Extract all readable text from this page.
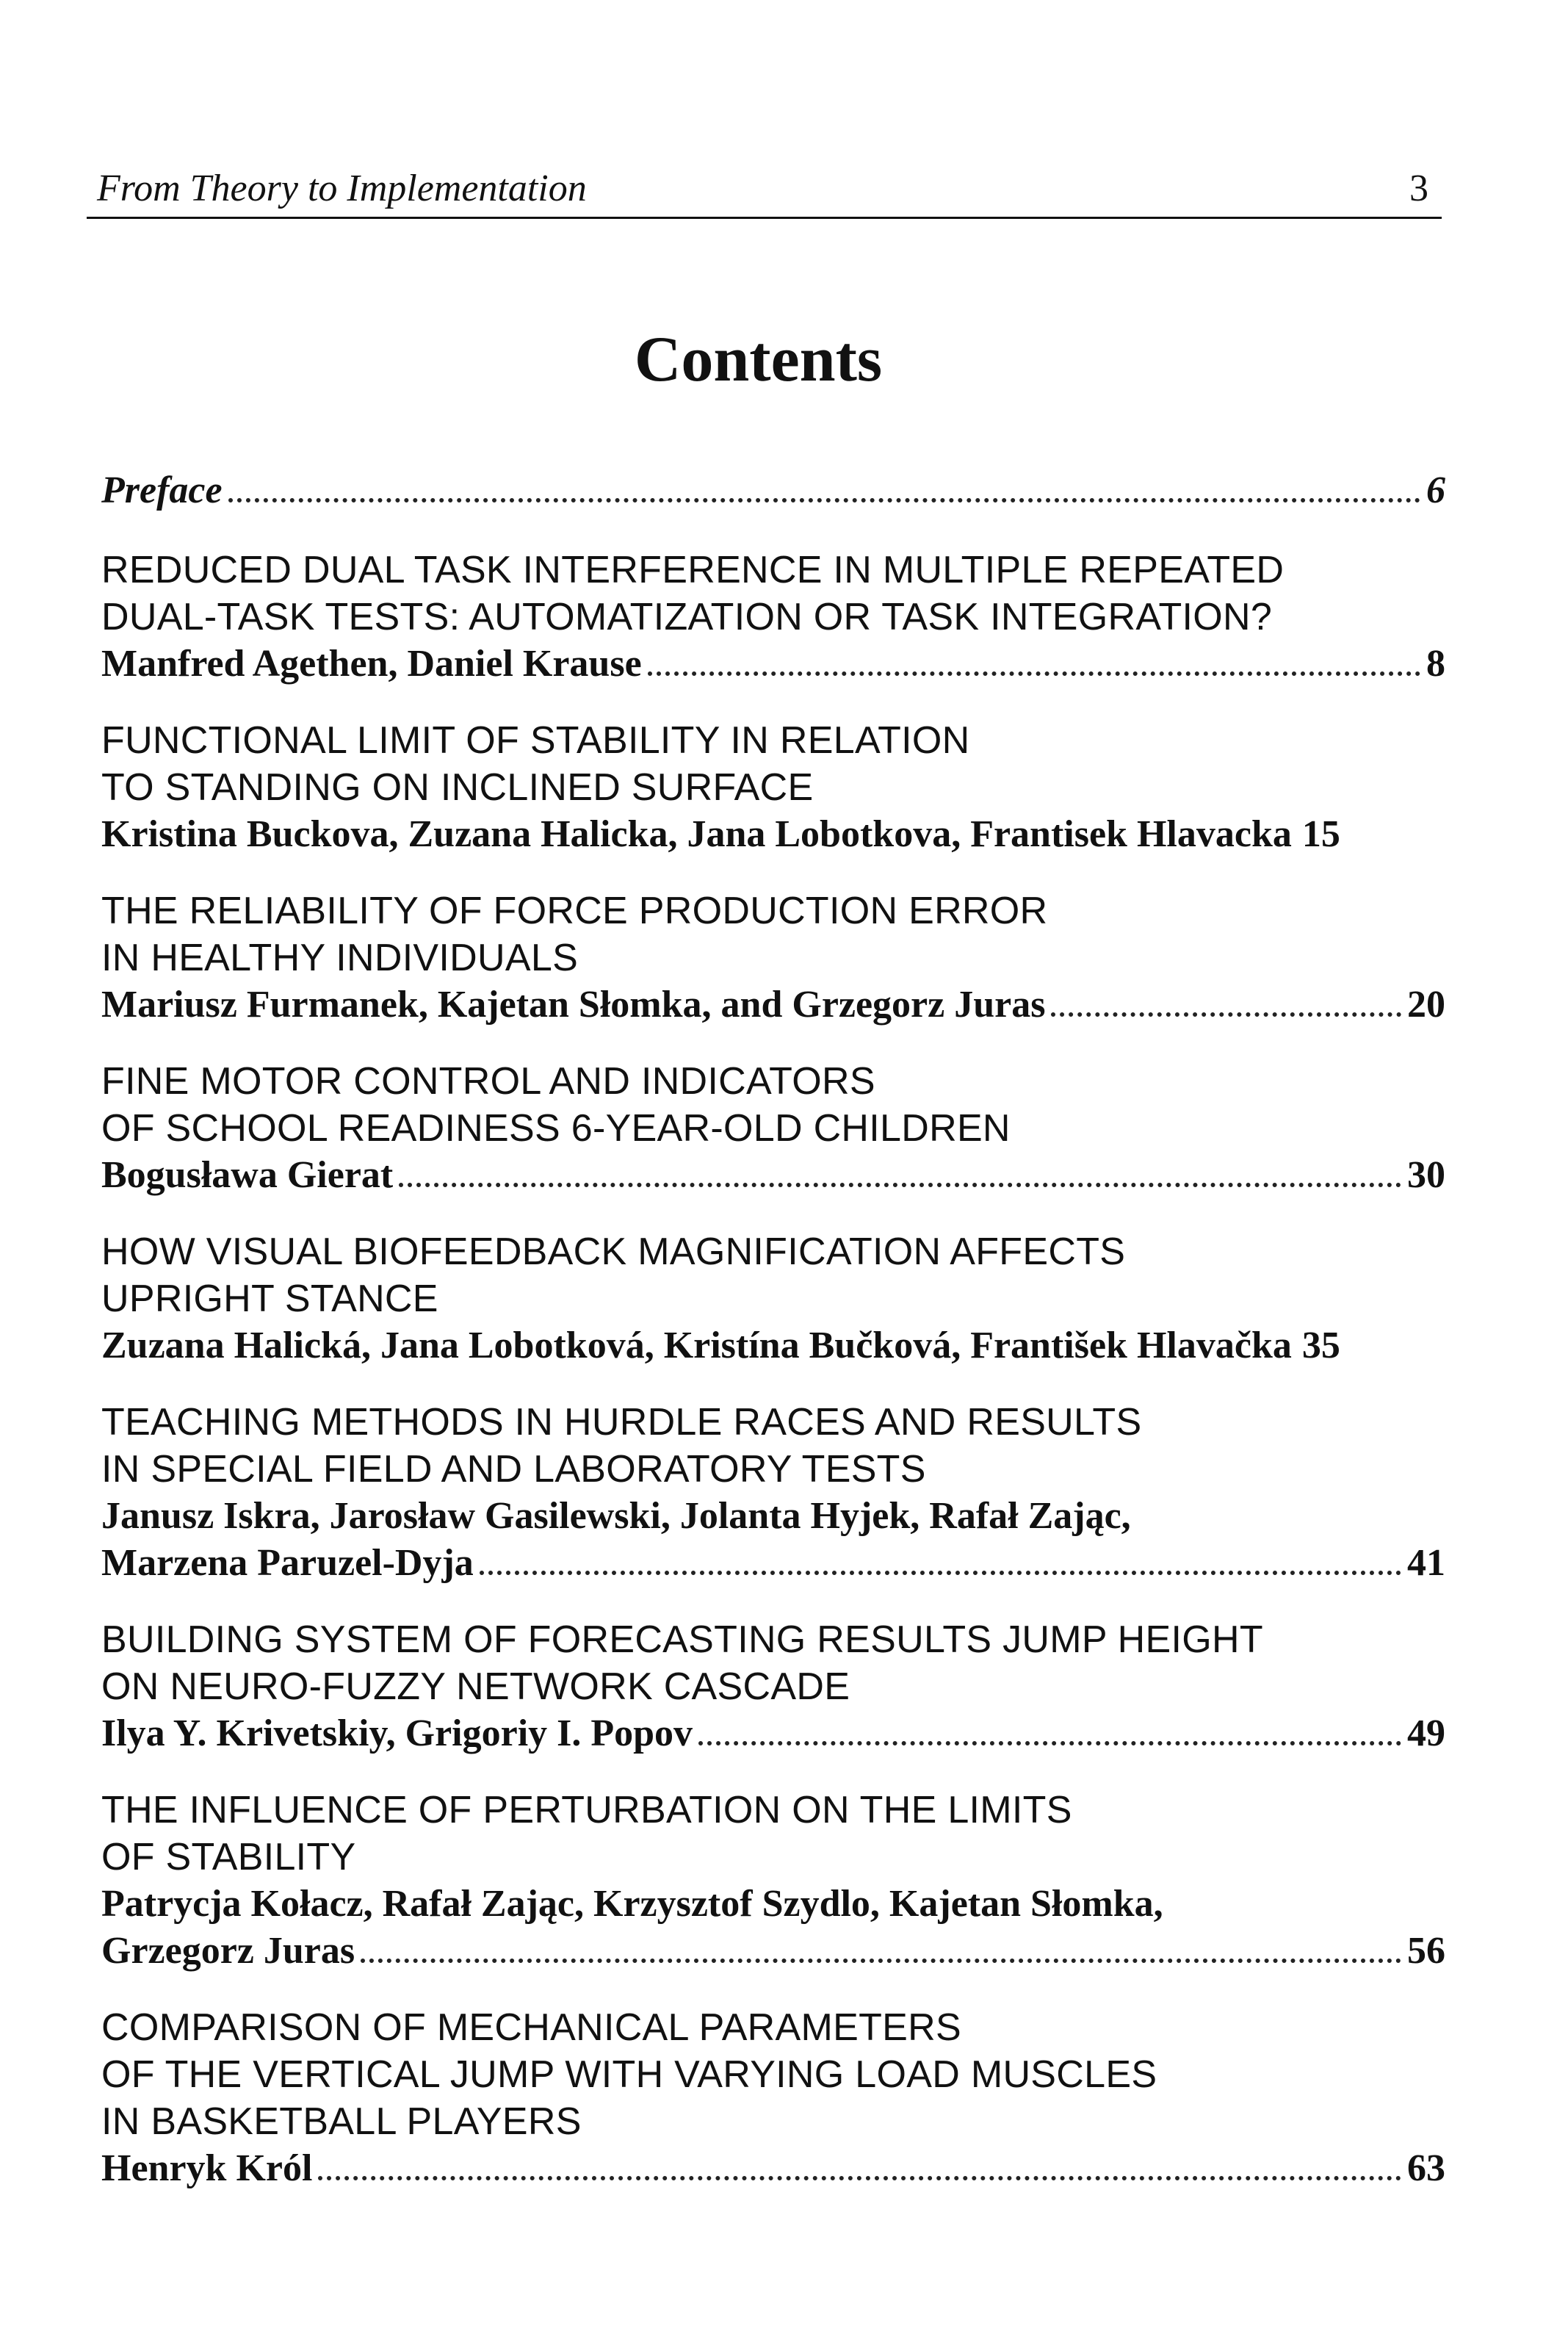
From Theory to Implementation	3
Contents
Preface	6
REDUCED DUAL TASK INTERFERENCE IN MULTIPLE REPEATED
DUAL-TASK TESTS: AUTOMATIZATION OR TASK INTEGRATION?
Manfred Agethen, Daniel Krause	8
FUNCTIONAL LIMIT OF STABILITY IN RELATION
TO STANDING ON INCLINED SURFACE
Kristina Buckova, Zuzana Halicka, Jana Lobotkova, Frantisek Hlavacka 15
THE RELIABILITY OF FORCE PRODUCTION ERROR
IN HEALTHY INDIVIDUALS
Mariusz Furmanek, Kajetan Słomka, and Grzegorz Juras	20
FINE MOTOR CONTROL AND INDICATORS
OF SCHOOL READINESS 6-YEAR-OLD CHILDREN
Bogusława Gierat	30
HOW VISUAL BIOFEEDBACK MAGNIFICATION AFFECTS
UPRIGHT STANCE
Zuzana Halická, Jana Lobotková, Kristína Bučková, František Hlavačka 35
TEACHING METHODS IN HURDLE RACES AND RESULTS
IN SPECIAL FIELD AND LABORATORY TESTS
Janusz Iskra, Jarosław Gasilewski, Jolanta Hyjek, Rafał Zając,
Marzena Paruzel-Dyja	41
BUILDING SYSTEM OF FORECASTING RESULTS JUMP HEIGHT
ON NEURO-FUZZY NETWORK CASCADE
Ilya Y. Krivetskiy, Grigoriy I. Popov	49
THE INFLUENCE OF PERTURBATION ON THE LIMITS
OF STABILITY
Patrycja Kołacz, Rafał Zając, Krzysztof Szydlo, Kajetan Słomka,
Grzegorz Juras	56
COMPARISON OF MECHANICAL PARAMETERS
OF THE VERTICAL JUMP WITH VARYING LOAD MUSCLES
IN BASKETBALL PLAYERS
Henryk Król	63
